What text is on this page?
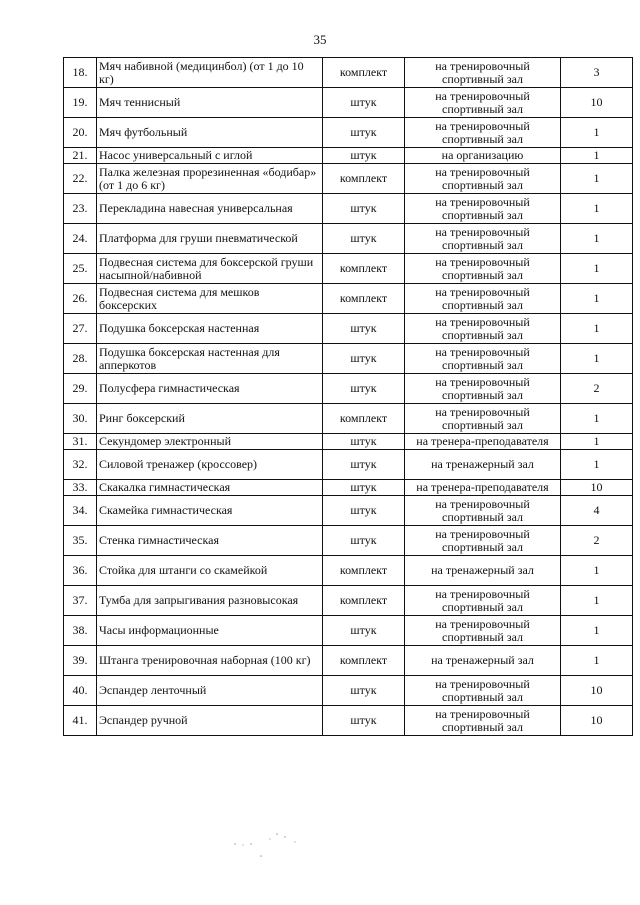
35
18.	Мяч набивной (медицинбол) (от 1 до 10 кг)	комплект	на тренировочный спортивный зал	3
19.	Мяч теннисный	штук	на тренировочный спортивный зал	10
20.	Мяч футбольный	штук	на тренировочный спортивный зал	1
21.	Насос универсальный с иглой	штук	на организацию	1
22.	Палка железная прорезиненная «бодибар» (от 1 до 6 кг)	комплект	на тренировочный спортивный зал	1
23.	Перекладина навесная универсальная	штук	на тренировочный спортивный зал	1
24.	Платформа для груши пневматической	штук	на тренировочный спортивный зал	1
25.	Подвесная система для боксерской груши насыпной/набивной	комплект	на тренировочный спортивный зал	1
26.	Подвесная система для мешков боксерских	комплект	на тренировочный спортивный зал	1
27.	Подушка боксерская настенная	штук	на тренировочный спортивный зал	1
28.	Подушка боксерская настенная для апперкотов	штук	на тренировочный спортивный зал	1
29.	Полусфера гимнастическая	штук	на тренировочный спортивный зал	2
30.	Ринг боксерский	комплект	на тренировочный спортивный зал	1
31.	Секундомер электронный	штук	на тренера-преподавателя	1
32.	Силовой тренажер (кроссовер)	штук	на тренажерный зал	1
33.	Скакалка гимнастическая	штук	на тренера-преподавателя	10
34.	Скамейка гимнастическая	штук	на тренировочный спортивный зал	4
35.	Стенка гимнастическая	штук	на тренировочный спортивный зал	2
36.	Стойка для штанги со скамейкой	комплект	на тренажерный зал	1
37.	Тумба для запрыгивания разновысокая	комплект	на тренировочный спортивный зал	1
38.	Часы информационные	штук	на тренировочный спортивный зал	1
39.	Штанга тренировочная наборная (100 кг)	комплект	на тренажерный зал	1
40.	Эспандер ленточный	штук	на тренировочный спортивный зал	10
41.	Эспандер ручной	штук	на тренировочный спортивный зал	10
